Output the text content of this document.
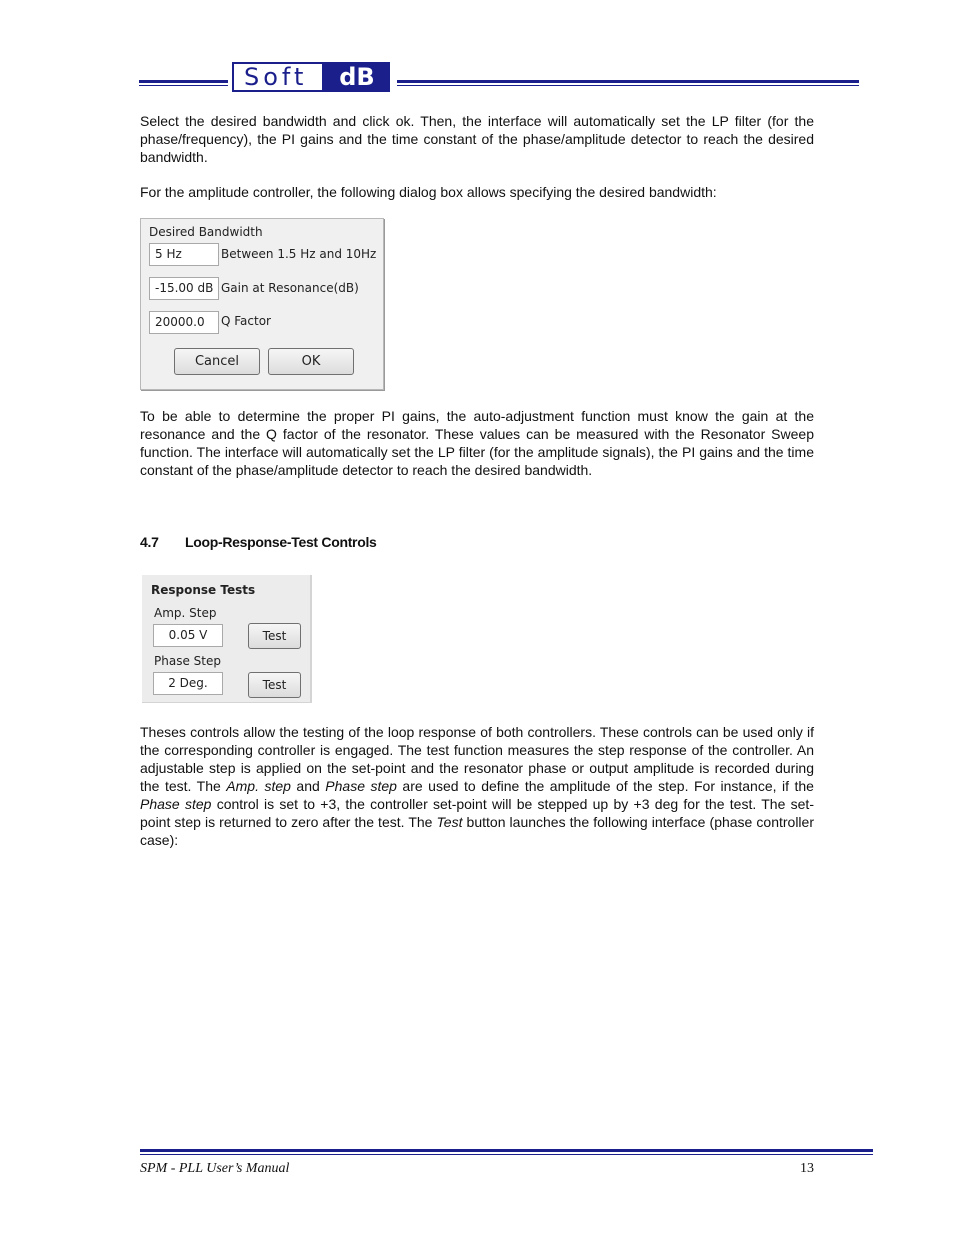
Soft	dB

Select the desired bandwidth and click ok. Then, the interface will automatically set the LP filter (for the phase/frequency), the PI gains and the time constant of the phase/amplitude detector to reach the desired bandwidth.

For the amplitude controller, the following dialog box allows specifying the desired bandwidth:

Desired Bandwidth
5 Hz	Between 1.5 Hz and 10Hz
-15.00 dB Gain at Resonance(dB)
20000.0	Q Factor
Cancel	OK

To be able to determine the proper PI gains, the auto-adjustment function must know the gain at the resonance and the Q factor of the resonator. These values can be measured with the Resonator Sweep function. The interface will automatically set the LP filter (for the amplitude signals), the PI gains and the time constant of the phase/amplitude detector to reach the desired bandwidth.

4.7 Loop-Response-Test Controls
Response Tests
Amp. Step
0.05 V	Test
Phase Step
2 Deg.	Test

Theses controls allow the testing of the loop response of both controllers. These controls can be used only if the corresponding controller is engaged. The test function measures the step response of the controller. An adjustable step is applied on the set-point and the resonator phase or output amplitude is recorded during the test. The Amp. step and Phase step are used to define the amplitude of the step. For instance, if the Phase step control is set to +3, the controller set-point will be stepped up by +3 deg for the test. The set-point step is returned to zero after the test. The Test button launches the following interface (phase controller case):

SPM - PLL User’s Manual	13
